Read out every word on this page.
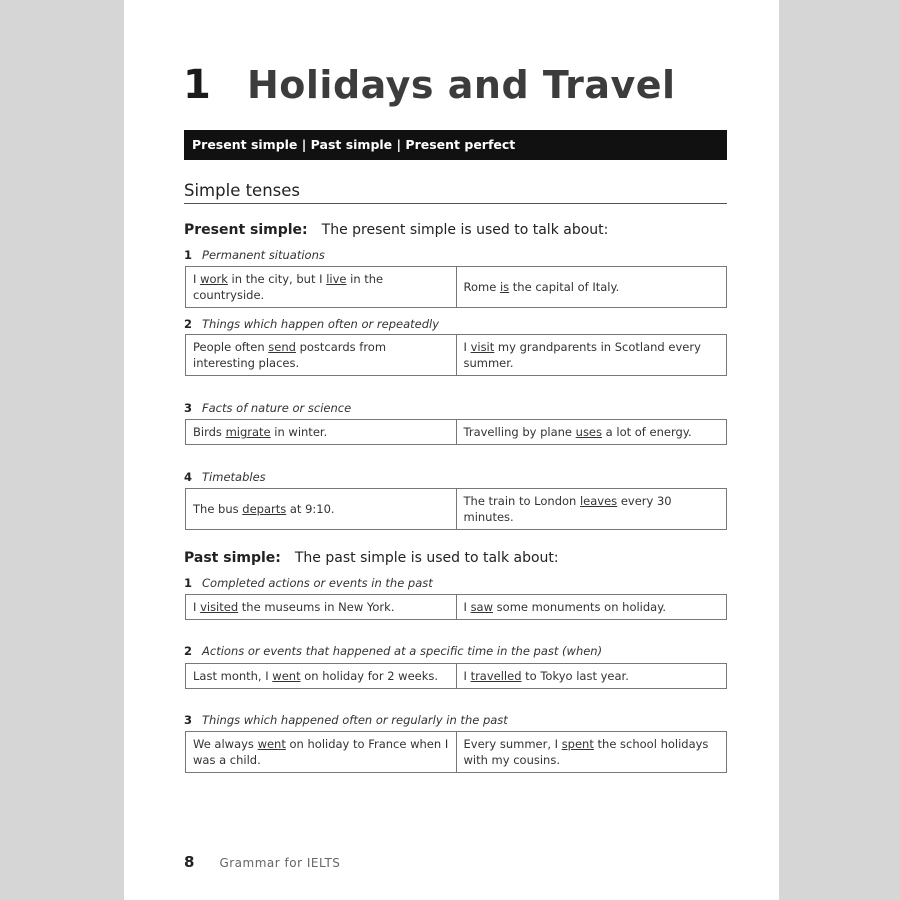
1 Holidays and Travel
Present simple | Past simple | Present perfect
Simple tenses
Present simple: The present simple is used to talk about:
1 Permanent situations
I work in the city, but I live in the countryside.	Rome is the capital of Italy.
2 Things which happen often or repeatedly
People often send postcards from interesting places.	I visit my grandparents in Scotland every summer.
3 Facts of nature or science
Birds migrate in winter.	Travelling by plane uses a lot of energy.
4 Timetables
The bus departs at 9:10.	The train to London leaves every 30 minutes.
Past simple: The past simple is used to talk about:
1 Completed actions or events in the past
I visited the museums in New York.	I saw some monuments on holiday.
2 Actions or events that happened at a specific time in the past (when)
Last month, I went on holiday for 2 weeks.	I travelled to Tokyo last year.
3 Things which happened often or regularly in the past
We always went on holiday to France when I was a child.	Every summer, I spent the school holidays with my cousins.
8 Grammar for IELTS
